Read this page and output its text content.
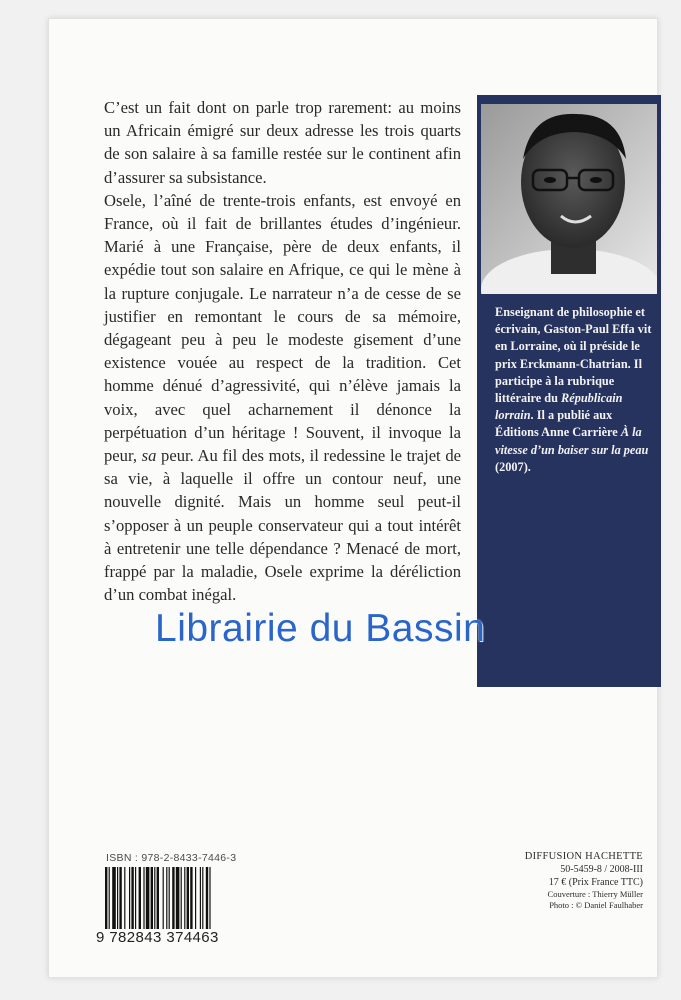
C’est un fait dont on parle trop rarement: au moins un Africain émigré sur deux adresse les trois quarts de son salaire à sa famille restée sur le continent afin d’assurer sa subsistance.

Osele, l’aîné de trente-trois enfants, est envoyé en France, où il fait de brillantes études d’ingénieur. Marié à une Française, père de deux enfants, il expédie tout son salaire en Afrique, ce qui le mène à la rupture conjugale. Le narrateur n’a de cesse de se justifier en remontant le cours de sa mémoire, dégageant peu à peu le modeste gisement d’une existence vouée au respect de la tradition. Cet homme dénué d’agressivité, qui n’élève jamais la voix, avec quel acharnement il dénonce la perpétuation d’un héritage ! Souvent, il invoque la peur, sa peur. Au fil des mots, il redessine le trajet de sa vie, à laquelle il offre un contour neuf, une nouvelle dignité. Mais un homme seul peut-il s’opposer à un peuple conservateur qui a tout intérêt à entretenir une telle dépendance ? Menacé de mort, frappé par la maladie, Osele exprime la déréliction d’un combat inégal.

Enseignant de philosophie et écrivain, Gaston-Paul Effa vit en Lorraine, où il préside le prix Erckmann-Chatrian. Il participe à la rubrique littéraire du Républicain lorrain. Il a publié aux Éditions Anne Carrière À la vitesse d’un baiser sur la peau (2007).
Librairie du Bassin
ISBN : 978-2-8433-7446-3
9 782843 374463
DIFFUSION HACHETTE
50-5459-8 / 2008-III
17 € (Prix France TTC)
Couverture : Thierry Müller
Photo : © Daniel Faulhaber
